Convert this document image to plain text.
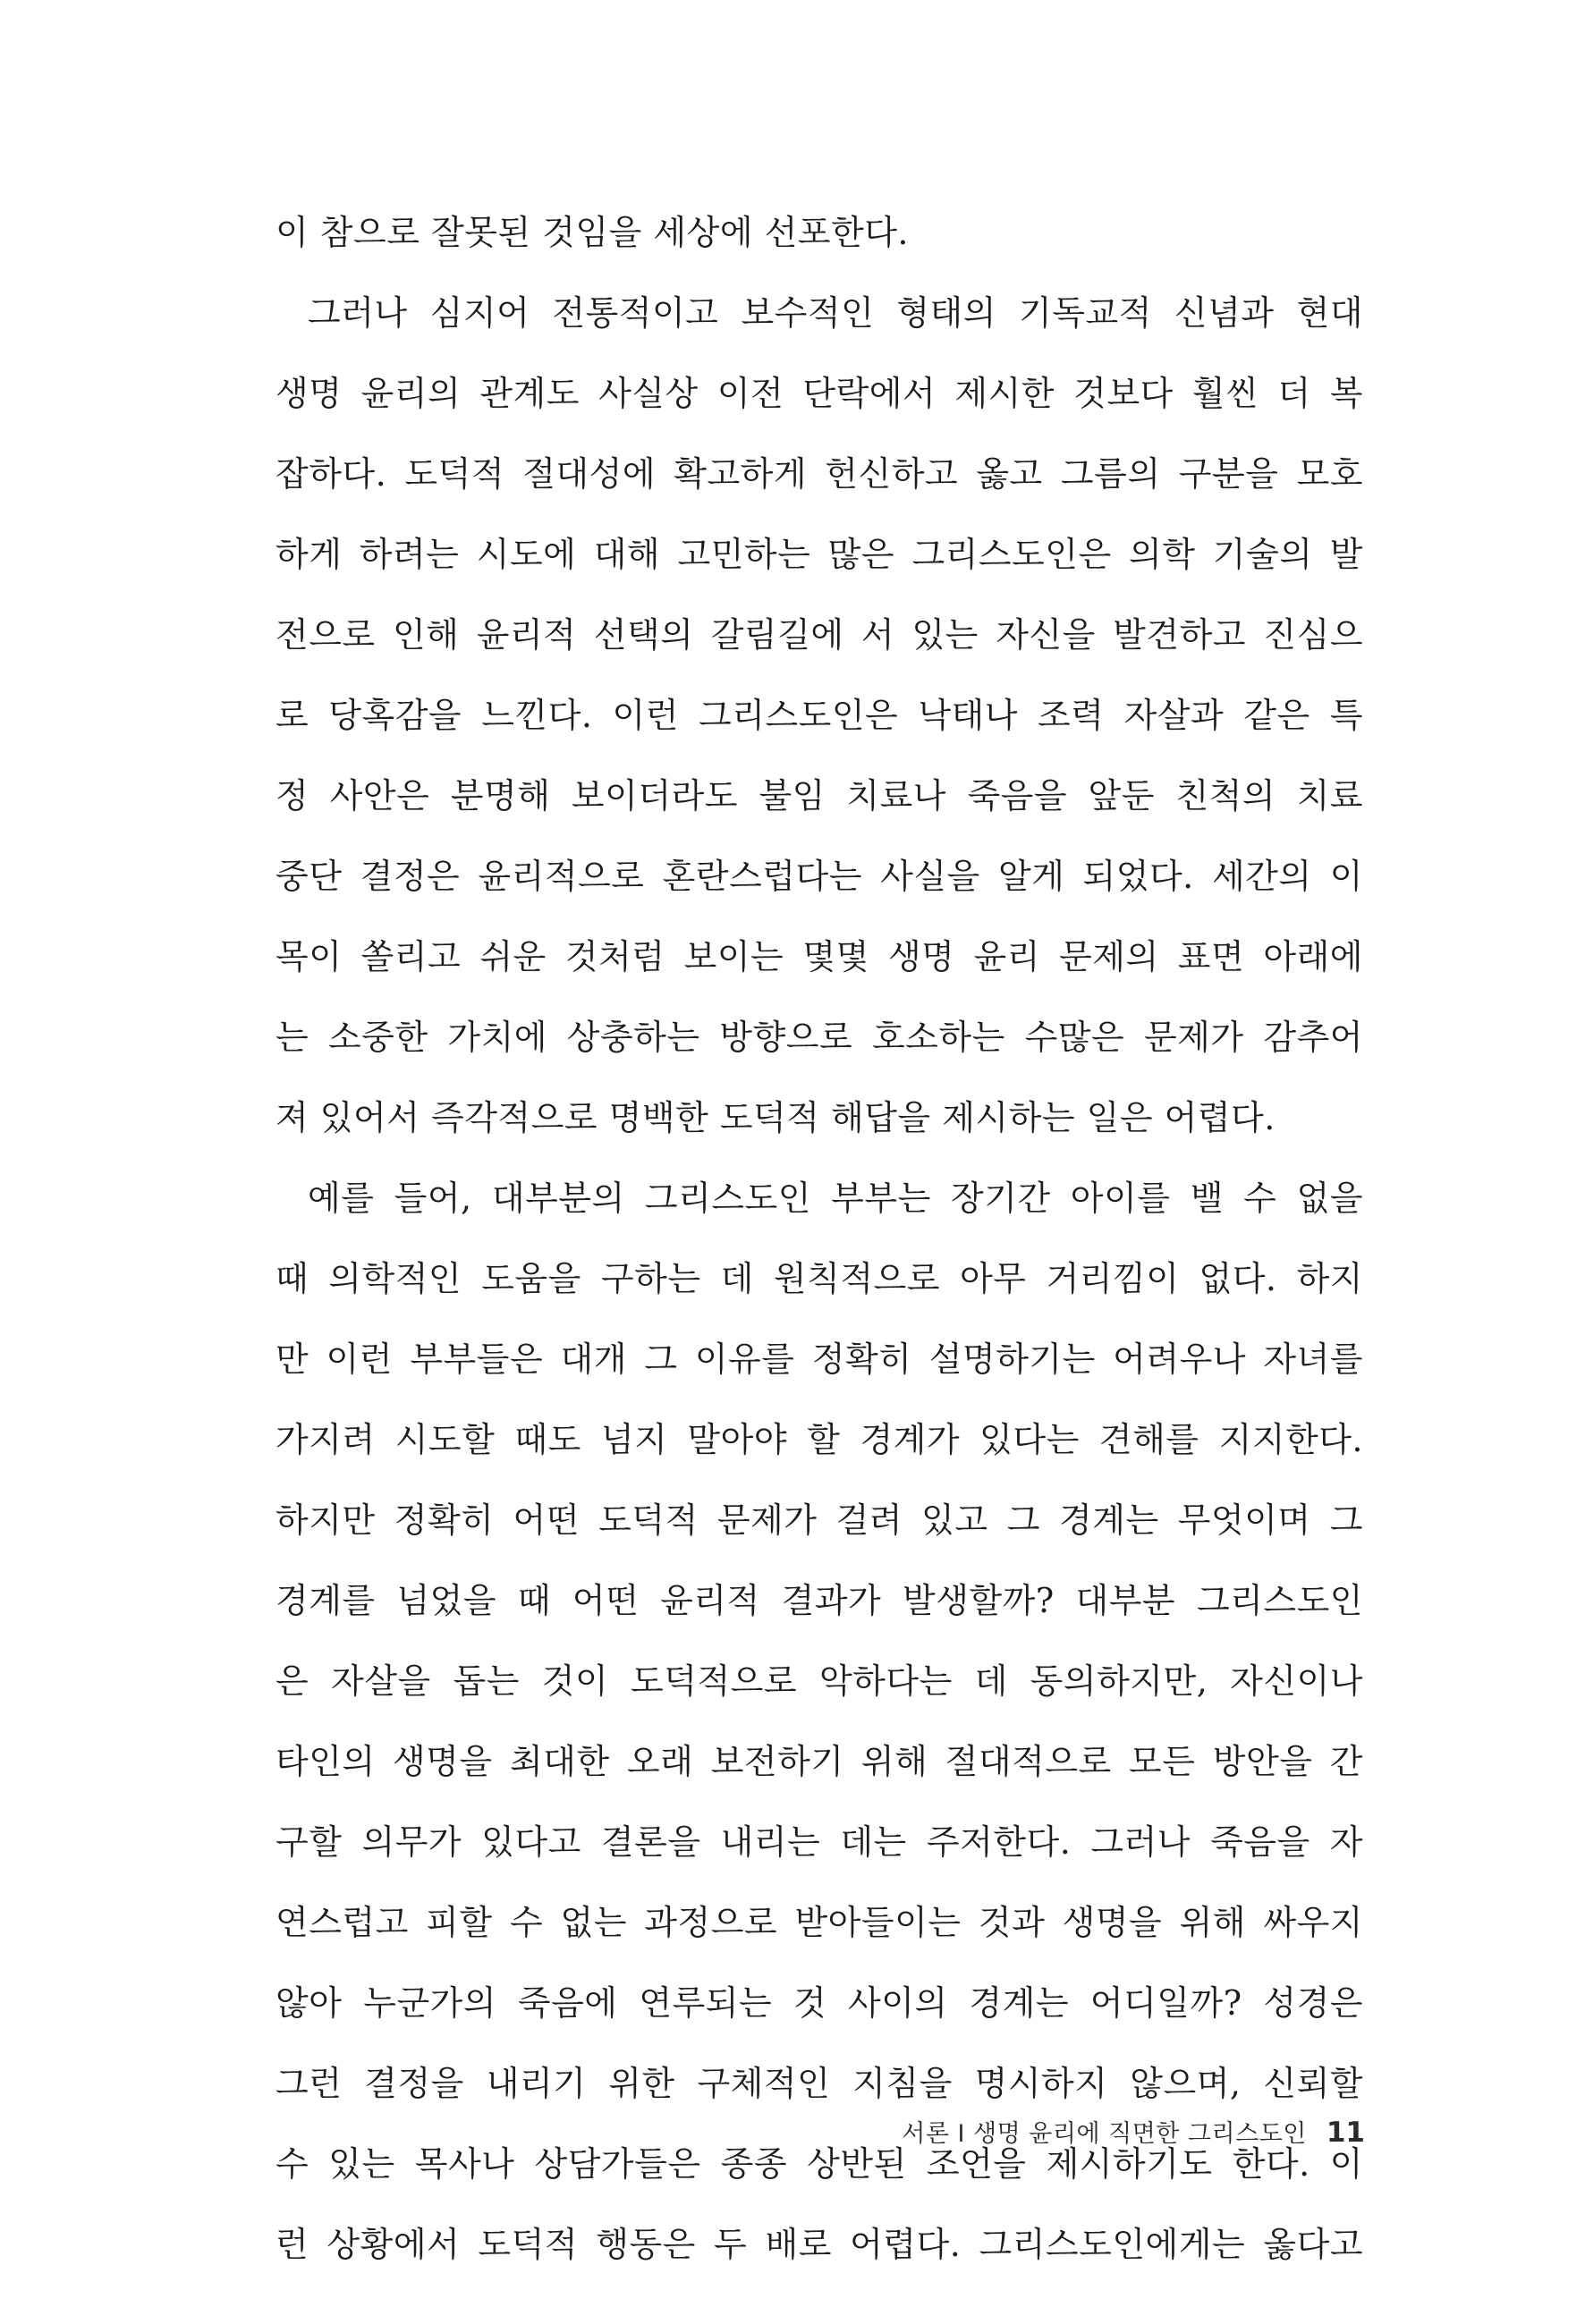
이 참으로 잘못된 것임을 세상에 선포한다.
그러나 심지어 전통적이고 보수적인 형태의 기독교적 신념과 현대
생명 윤리의 관계도 사실상 이전 단락에서 제시한 것보다 훨씬 더 복
잡하다. 도덕적 절대성에 확고하게 헌신하고 옳고 그름의 구분을 모호
하게 하려는 시도에 대해 고민하는 많은 그리스도인은 의학 기술의 발
전으로 인해 윤리적 선택의 갈림길에 서 있는 자신을 발견하고 진심으
로 당혹감을 느낀다. 이런 그리스도인은 낙태나 조력 자살과 같은 특
정 사안은 분명해 보이더라도 불임 치료나 죽음을 앞둔 친척의 치료
중단 결정은 윤리적으로 혼란스럽다는 사실을 알게 되었다. 세간의 이
목이 쏠리고 쉬운 것처럼 보이는 몇몇 생명 윤리 문제의 표면 아래에
는 소중한 가치에 상충하는 방향으로 호소하는 수많은 문제가 감추어
져 있어서 즉각적으로 명백한 도덕적 해답을 제시하는 일은 어렵다.
예를 들어, 대부분의 그리스도인 부부는 장기간 아이를 밸 수 없을
때 의학적인 도움을 구하는 데 원칙적으로 아무 거리낌이 없다. 하지
만 이런 부부들은 대개 그 이유를 정확히 설명하기는 어려우나 자녀를
가지려 시도할 때도 넘지 말아야 할 경계가 있다는 견해를 지지한다.
하지만 정확히 어떤 도덕적 문제가 걸려 있고 그 경계는 무엇이며 그
경계를 넘었을 때 어떤 윤리적 결과가 발생할까? 대부분 그리스도인
은 자살을 돕는 것이 도덕적으로 악하다는 데 동의하지만, 자신이나
타인의 생명을 최대한 오래 보전하기 위해 절대적으로 모든 방안을 간
구할 의무가 있다고 결론을 내리는 데는 주저한다. 그러나 죽음을 자
연스럽고 피할 수 없는 과정으로 받아들이는 것과 생명을 위해 싸우지
않아 누군가의 죽음에 연루되는 것 사이의 경계는 어디일까? 성경은
그런 결정을 내리기 위한 구체적인 지침을 명시하지 않으며, 신뢰할
수 있는 목사나 상담가들은 종종 상반된 조언을 제시하기도 한다. 이
런 상황에서 도덕적 행동은 두 배로 어렵다. 그리스도인에게는 옳다고
서론 I 생명 윤리에 직면한 그리스도인 11
